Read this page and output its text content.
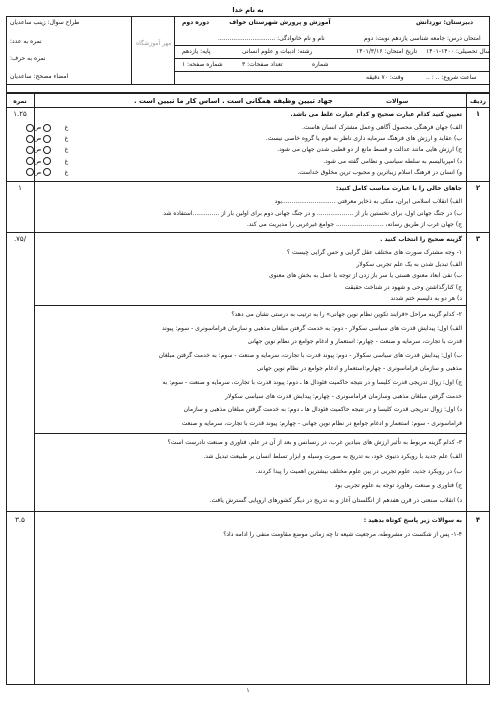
به نام خدا
طراح سوال: زینب ساعدیان
نمره به عدد:
نمره به حرف:
امضاء مصحح: ساعدیان
مهر آموزشگاه
آموزش و پرورش شهرستان خواف  دوره دوم	دبیرستان: نوردانش
نام و نام خانوادگی: ..............................	امتحان درس: جامعه شناسی یازدهم نوبت: دوم
پایه: یازدهم	رشته: ادبیات و علوم انسانی	تاریخ امتحان: ۱۴۰۱/۳/۱۶ سال تحصیلی: ۱۴۰۰-۱۴۰۱
شماره صفحه: ۱	تعداد صفحات: ۳	شماره
وقت: ۷۰ دقیقه	ساعت شروع: .. : ..
ردیف
سوالات
جهاد تبیین وظیفه همگانی است . اساس کار ما تبیین است .
نمره
۱
۱.۲۵	تعیین کنید کدام عبارت صحیح و کدام عبارت غلط می باشد.
الف) جهان فرهنگی محصول آگاهی وعمل مشترک انسان هاست.
ب) عقاید و ارزش های فرهنگ سرمایه داری ناظر به قوم یا گروه خاصی نیست.
ج) ارزش هایی مانند عدالت و قسط مانع از دو قطبی شدن جهان می شود.
د) امپریالیسم به سلطه سیاسی و نظامی گفته می شود.
و) انسان در فرهنگ اسلام زیباترین و محبوب ترین مخلوق خداست.
غ       ص
غ       ص
غ       ص
غ       ص
غ       ص
۲
۱	جاهای خالی را با عبارت مناسب کامل کنید:
الف) انقلاب اسلامی ایران، متکی به ذخایر معرفتی ............................بود
ب) در جنگ جهانی اول، برای نخستین بار از ................... و در جنگ جهانی دوم برای اولین بار از ..............استفاده شد
ج) جهان غرب از طریق رسانه، ......................... جوامع غیرغربی را مدیریت می کند.
۳
/۷۵.	گزینه صحیح را انتخاب کنید .
۱- وجه مشترک صورت های مختلف عقل گرایی و حس گرایی چیست ؟
الف) تبدیل شدن به یک علم تجربی سکولار
ب) نفی ابعاد معنوی هستی یا سر باز زدن از توجه یا عمل به بخش های معنوی
ج) کنارگذاشتن وحی و شهود در شناخت حقیقت
د) هر دو به دلیسم ختم شدند
۲- کدام گزینه مراحل «فرایند تکوین نظام نوین جهانی» را به ترتیب به درستی نشان می دهد؟
الف) اول: پیدایش قدرت های سیاسی سکولار - دوم: به خدمت گرفتن مبلغان مذهبی و سازمان فراماسونری - سوم: پیوند
قدرت با تجارت، سرمایه و صنعت - چهارم: استعمار و ادغام جوامع در نظام نوین جهانی
ب) اول: پیدایش قدرت های سیاسی سکولار - دوم: پیوند قدرت با تجارت، سرمایه و صنعت - سوم: به خدمت گرفتن مبلغان
مذهبی و سازمان فراماسونری - چهارم:استعمار و ادغام جوامع در نظام نوین جهانی
ج) اول: زوال تدریجی قدرت کلیسا و در نتیجه حاکمیت فئودال ها ـ دوم: پیوند قدرت با تجارت، سرمایه و صنعت - سوم: به
خدمت گرفتن مبلغان مذهبی وسازمان فراماسونری - چهارم: پیدایش قدرت های سیاسی سکولار
د) اول: زوال تدریجی قدرت کلیسا و در نتیجه حاکمیت فئودال ها ـ دوم: به خدمت گرفتن مبلغان مذهبی و سازمان
فراماسونری - سوم: استعمار و ادغام جوامع در نظام نوین جهانی - چهارم: پیوند قدرت با تجارت، سرمایه و صنعت
۳- کدام گزینه مربوط به تأثیر ارزش های بنیادین غرب، در رنسانس و بعد از آن در علم، فناوری و صنعت نادرست است؟
الف) علم جدید با رویکرد دنیوی خود، به تدریج به صورت وسیله و ابزار تسلط انسان بر طبیعت تبدیل شد.
ب) در رویکرد جدید، علوم تجربی در بین علوم مختلف بیشترین اهمیت را پیدا کردند.
ج) فناوری و صنعت رهاورد توجه به علوم تجربی بود
د) انقلاب صنعتی در قرن هفدهم از انگلستان آغاز و به تدریج در دیگر کشورهای اروپایی گسترش یافت.
۴
۳.۵	به سوالات زیر پاسخ کوتاه بدهید :
۱-۴- پس از شکست در مشروطه، مرجعیت شیعه تا چه زمانی موضع مقاومت منفی را ادامه داد؟
۱
